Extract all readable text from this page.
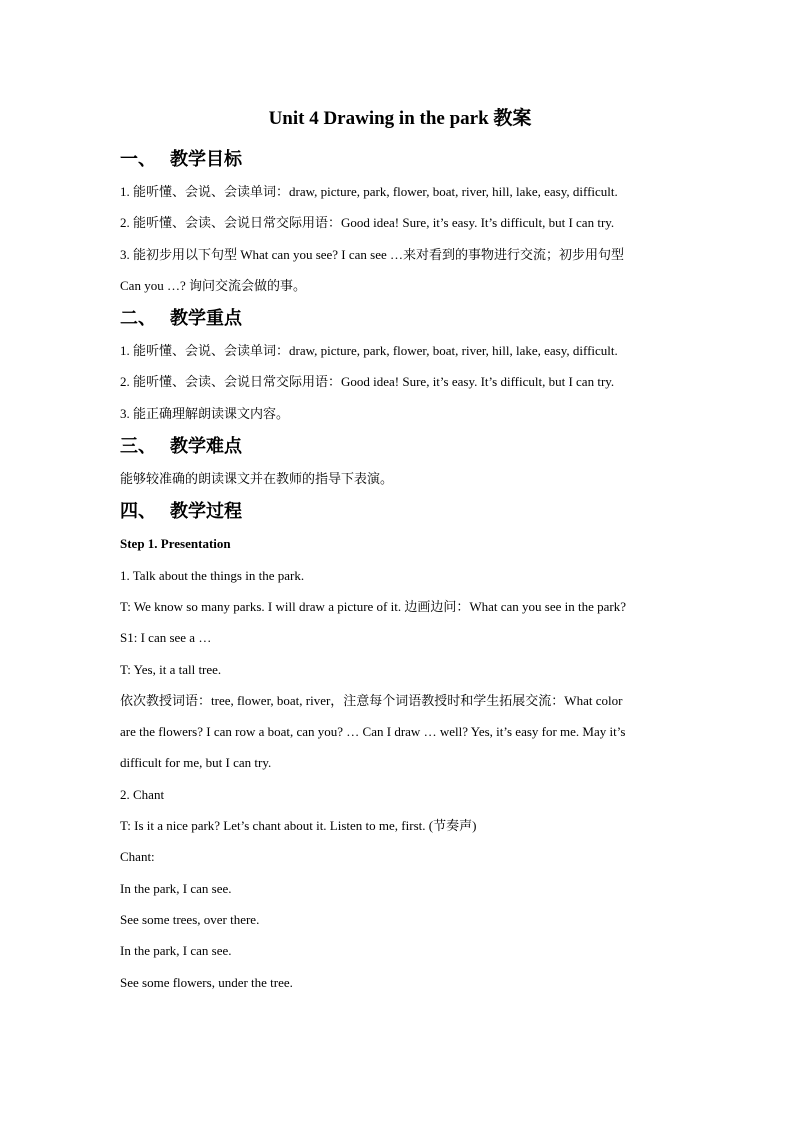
Unit 4 Drawing in the park 教案
一、 教学目标
1. 能听懂、会说、会读单词：draw, picture, park, flower, boat, river, hill, lake, easy, difficult.
2. 能听懂、会读、会说日常交际用语：Good idea! Sure, it’s easy. It’s difficult, but I can try.
3. 能初步用以下句型 What can you see? I can see …来对看到的事物进行交流；初步用句型
Can you …? 询问交流会做的事。
二、 教学重点
1. 能听懂、会说、会读单词：draw, picture, park, flower, boat, river, hill, lake, easy, difficult.
2. 能听懂、会读、会说日常交际用语：Good idea! Sure, it’s easy. It’s difficult, but I can try.
3. 能正确理解朗读课文内容。
三、 教学难点
能够较准确的朗读课文并在教师的指导下表演。
四、 教学过程
Step 1. Presentation
1. Talk about the things in the park.
T: We know so many parks. I will draw a picture of it. 边画边问：What can you see in the park?
S1: I can see a …
T: Yes, it a tall tree.
依次教授词语：tree, flower, boat, river，注意每个词语教授时和学生拓展交流：What color
are the flowers? I can row a boat, can you? … Can I draw … well? Yes, it’s easy for me. May it’s
difficult for me, but I can try.
2. Chant
T: Is it a nice park? Let’s chant about it. Listen to me, first. (节奏声)
Chant:
In the park, I can see.
See some trees, over there.
In the park, I can see.
See some flowers, under the tree.
